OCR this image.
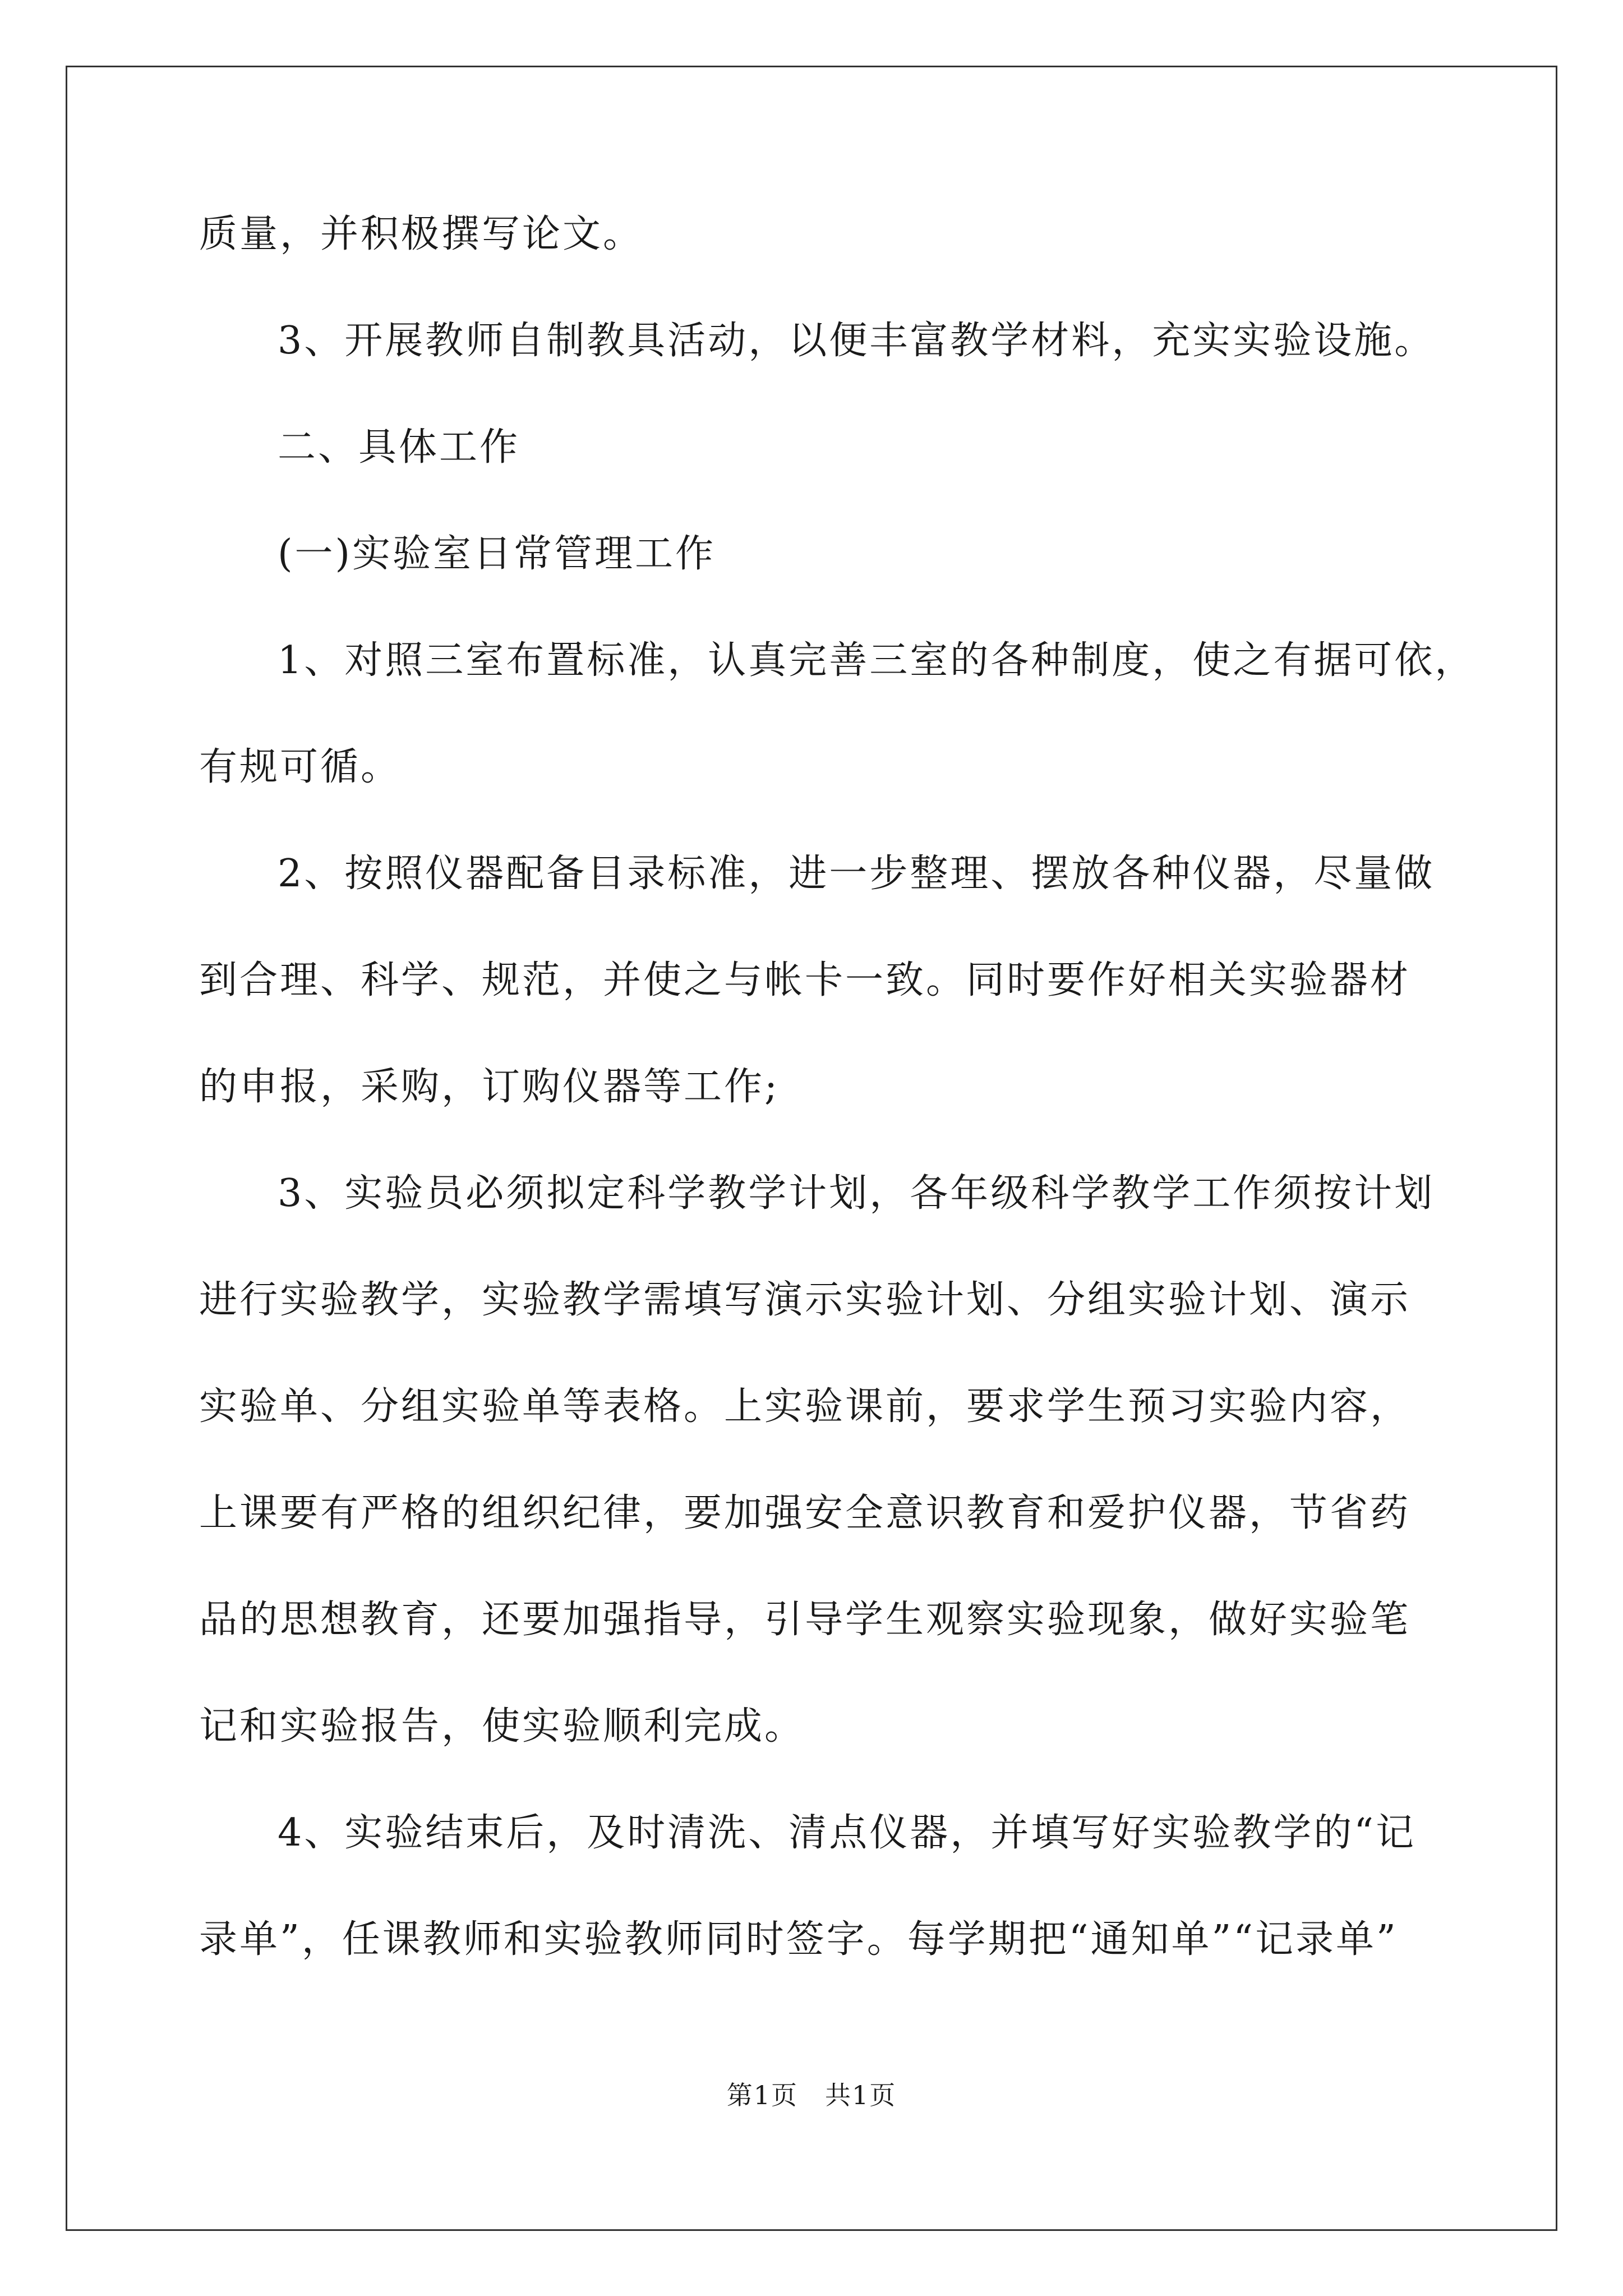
质量，并积极撰写论文。

3、开展教师自制教具活动，以便丰富教学材料，充实实验设施。

二、具体工作

(一)实验室日常管理工作

1、对照三室布置标准，认真完善三室的各种制度，使之有据可依，

有规可循。

2、按照仪器配备目录标准，进一步整理、摆放各种仪器，尽量做

到合理、科学、规范，并使之与帐卡一致。同时要作好相关实验器材

的申报，采购，订购仪器等工作;

3、实验员必须拟定科学教学计划，各年级科学教学工作须按计划

进行实验教学，实验教学需填写演示实验计划、分组实验计划、演示

实验单、分组实验单等表格。上实验课前，要求学生预习实验内容，

上课要有严格的组织纪律，要加强安全意识教育和爱护仪器，节省药

品的思想教育，还要加强指导，引导学生观察实验现象，做好实验笔

记和实验报告，使实验顺利完成。

4、实验结束后，及时清洗、清点仪器，并填写好实验教学的“记

录单”，任课教师和实验教师同时签字。每学期把“通知单”“记录单”

第1页　共1页
